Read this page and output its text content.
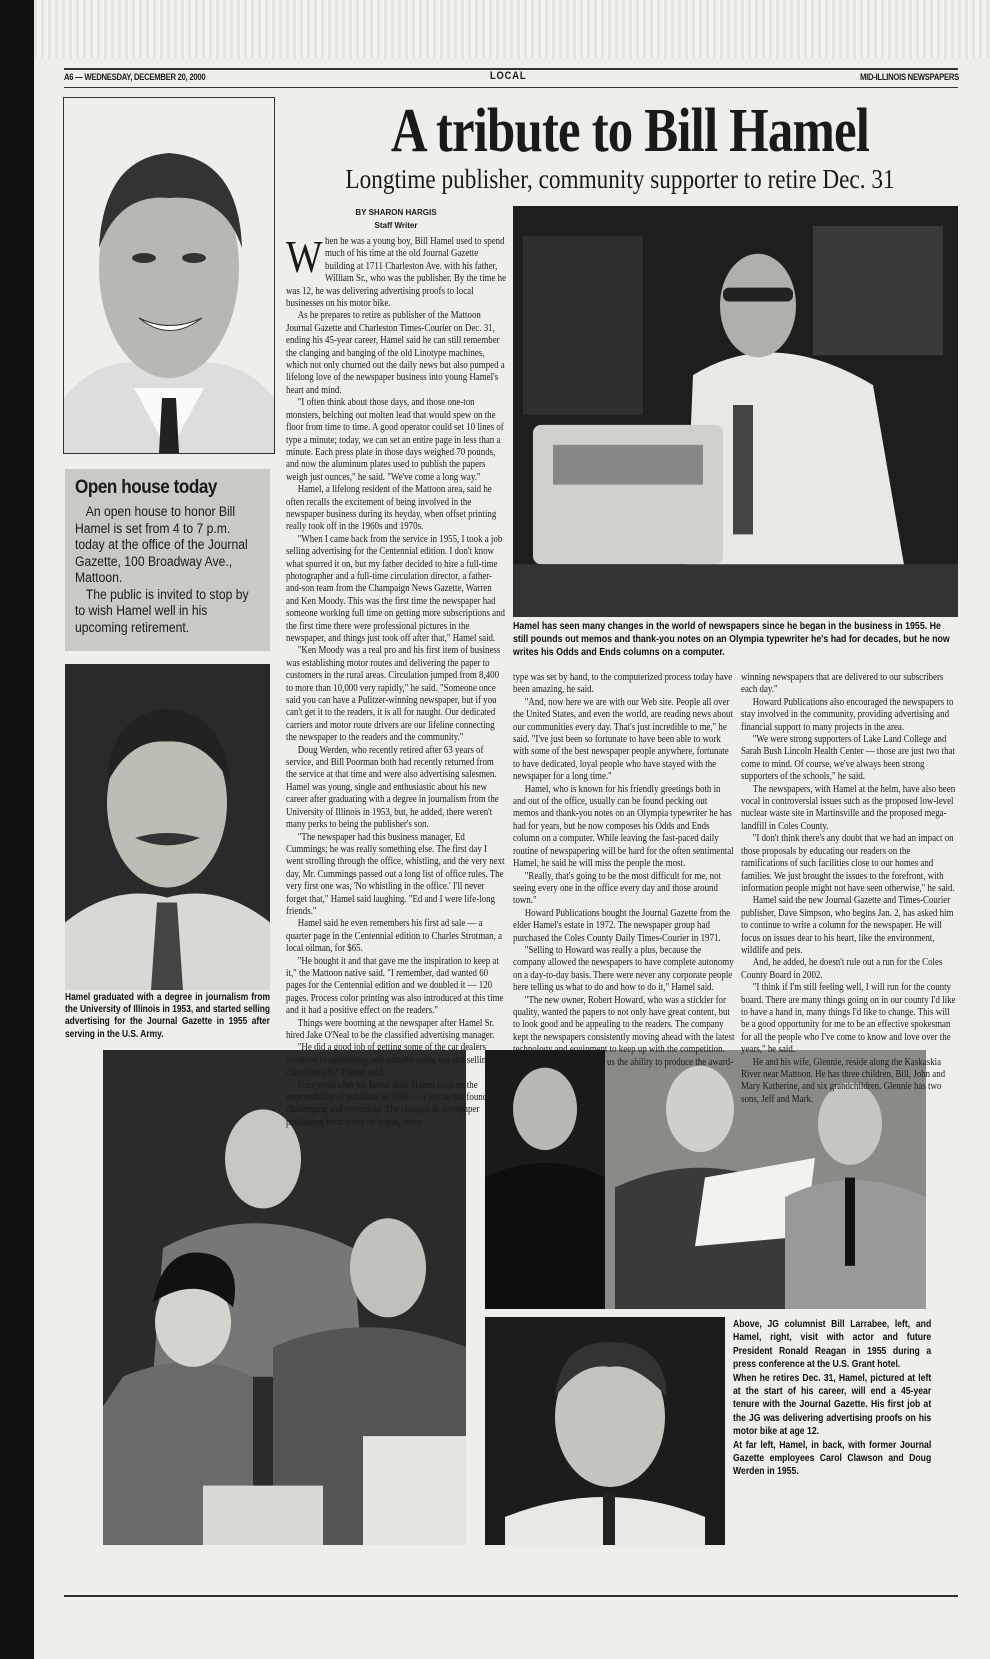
A6 — WEDNESDAY, DECEMBER 20, 2000	LOCAL	MID-ILLINOIS NEWSPAPERS
A tribute to Bill Hamel
Longtime publisher, community supporter to retire Dec. 31
BY SHARON HARGIS
Staff Writer
Open house today

An open house to honor Bill Hamel is set from 4 to 7 p.m. today at the office of the Journal Gazette, 100 Broadway Ave., Mattoon.

The public is invited to stop by to wish Hamel well in his upcoming retirement.

Hamel graduated with a degree in journalism from the University of Illinois in 1953, and started selling advertising for the Journal Gazette in 1955 after serving in the U.S. Army.
Hamel has seen many changes in the world of newspapers since he began in the business in 1955. He still pounds out memos and thank-you notes on an Olympia typewriter he's had for decades, but he now writes his Odds and Ends columns on a computer.

When he was a young boy, Bill Hamel used to spend much of his time at the old Journal Gazette building at 1711 Charleston Ave. with his father, William Sr., who was the publisher. By the time he was 12, he was delivering advertising proofs to local businesses on his motor bike.

As he prepares to retire as publisher of the Mattoon Journal Gazette and Charleston Times-Courier on Dec. 31, ending his 45-year career, Hamel said he can still remember the clanging and banging of the old Linotype machines, which not only churned out the daily news but also pumped a lifelong love of the newspaper business into young Hamel's heart and mind.

"I often think about those days, and those one-ton monsters, belching out molten lead that would spew on the floor from time to time. A good operator could set 10 lines of type a minute; today, we can set an entire page in less than a minute. Each press plate in those days weighed 70 pounds, and now the aluminum plates used to publish the papers weigh just ounces," he said. "We've come a long way."

Hamel, a lifelong resident of the Mattoon area, said he often recalls the excitement of being involved in the newspaper business during its heyday, when offset printing really took off in the 1960s and 1970s.

"When I came back from the service in 1955, I took a job selling advertising for the Centennial edition. I don't know what spurred it on, but my father decided to hire a full-time photographer and a full-time circulation director, a father-and-son team from the Champaign News Gazette, Warren and Ken Moody. This was the first time the newspaper had someone working full time on getting more subscriptions and the first time there were professional pictures in the newspaper, and things just took off after that," Hamel said.

"Ken Moody was a real pro and his first item of business was establishing motor routes and delivering the paper to customers in the rural areas. Circulation jumped from 8,400 to more than 10,000 very rapidly," he said. "Someone once said you can have a Pulitzer-winning newspaper, but if you can't get it to the readers, it is all for naught. Our dedicated carriers and motor route drivers are our lifeline connecting the newspaper to the readers and the community."

Doug Werden, who recently retired after 63 years of service, and Bill Poorman both had recently returned from the service at that time and were also advertising salesmen. Hamel was young, single and enthusiastic about his new career after graduating with a degree in journalism from the University of Illinois in 1953, but, he added, there weren't many perks to being the publisher's son.

"The newspaper had this business manager, Ed Cummings; he was really something else. The first day I went strolling through the office, whistling, and the very next day, Mr. Cummings passed out a long list of office rules. The very first one was, 'No whistling in the office.' I'll never forget that," Hamel said laughing. "Ed and I were life-long friends."

Hamel said he even remembers his first ad sale — a quarter page in the Centennial edition to Charles Strotman, a local oilman, for $65.

"He bought it and that gave me the inspiration to keep at it," the Mattoon native said. "I remember, dad wanted 60 pages for the Centennial edition and we doubled it — 120 pages. Process color printing was also introduced at this time and it had a positive effect on the readers."

Things were booming at the newspaper after Hamel Sr. hired Jake O'Neal to be the classified advertising manager.

"He did a good job of getting some of the car dealers involved in advertising and actually going out and selling classified ads," Hamel said.

Four years after his father died, Hamel took on the responsibility of publisher in 1965 — a job he has found both challenging and rewarding. The changes in newspaper publishing from when he began, when

type was set by hand, to the computerized process today have been amazing, he said.

"And, now here we are with our Web site. People all over the United States, and even the world, are reading news about our communities every day. That's just incredible to me," he said. "I've just been so fortunate to have been able to work with some of the best newspaper people anywhere, fortunate to have dedicated, loyal people who have stayed with the newspaper for a long time."

Hamel, who is known for his friendly greetings both in and out of the office, usually can be found pecking out memos and thank-you notes on an Olympia typewriter he has had for years, but he now composes his Odds and Ends column on a computer. While leaving the fast-paced daily routine of newspapering will be hard for the often sentimental Hamel, he said he will miss the people the most.

"Really, that's going to be the most difficult for me, not seeing every one in the office every day and those around town."

Howard Publications bought the Journal Gazette from the elder Hamel's estate in 1972. The newspaper group had purchased the Coles County Daily Times-Courier in 1971.

"Selling to Howard was really a plus, because the company allowed the newspapers to have complete autonomy on a day-to-day basis. There were never any corporate people here telling us what to do and how to do it," Hamel said.

"The new owner, Robert Howard, who was a stickler for quality, wanted the papers to not only have great content, but to look good and be appealing to the readers. The company kept the newspapers consistently moving ahead with the latest technology and equipment to keep up with the competition. Really, the company gave us the ability to produce the award-

winning newspapers that are delivered to our subscribers each day."

Howard Publications also encouraged the newspapers to stay involved in the community, providing advertising and financial support to many projects in the area.

"We were strong supporters of Lake Land College and Sarah Bush Lincoln Health Center — those are just two that come to mind. Of course, we've always been strong supporters of the schools," he said.

The newspapers, with Hamel at the helm, have also been vocal in controversial issues such as the proposed low-level nuclear waste site in Martinsville and the proposed mega-landfill in Coles County.

"I don't think there's any doubt that we had an impact on those proposals by educating our readers on the ramifications of such facilities close to our homes and families. We just brought the issues to the forefront, with information people might not have seen otherwise," he said.

Hamel said the new Journal Gazette and Times-Courier publisher, Dave Simpson, who begins Jan. 2, has asked him to continue to write a column for the newspaper. He will focus on issues dear to his heart, like the environment, wildlife and pets.

And, he added, he doesn't rule out a run for the Coles County Board in 2002.

"I think if I'm still feeling well, I will run for the county board. There are many things going on in our county I'd like to have a hand in, many things I'd like to change. This will be a good opportunity for me to be an effective spokesman for all the people who I've come to know and love over the years," he said.

He and his wife, Glennie, reside along the Kaskaskia River near Mattoon. He has three children, Bill, John and Mary Katherine, and six grandchildren. Glennie has two sons, Jeff and Mark.

Above, JG columnist Bill Larrabee, left, and Hamel, right, visit with actor and future President Ronald Reagan in 1955 during a press conference at the U.S. Grant hotel.
When he retires Dec. 31, Hamel, pictured at left at the start of his career, will end a 45-year tenure with the Journal Gazette. His first job at the JG was delivering advertising proofs on his motor bike at age 12.
At far left, Hamel, in back, with former Journal Gazette employees Carol Clawson and Doug Werden in 1955.
